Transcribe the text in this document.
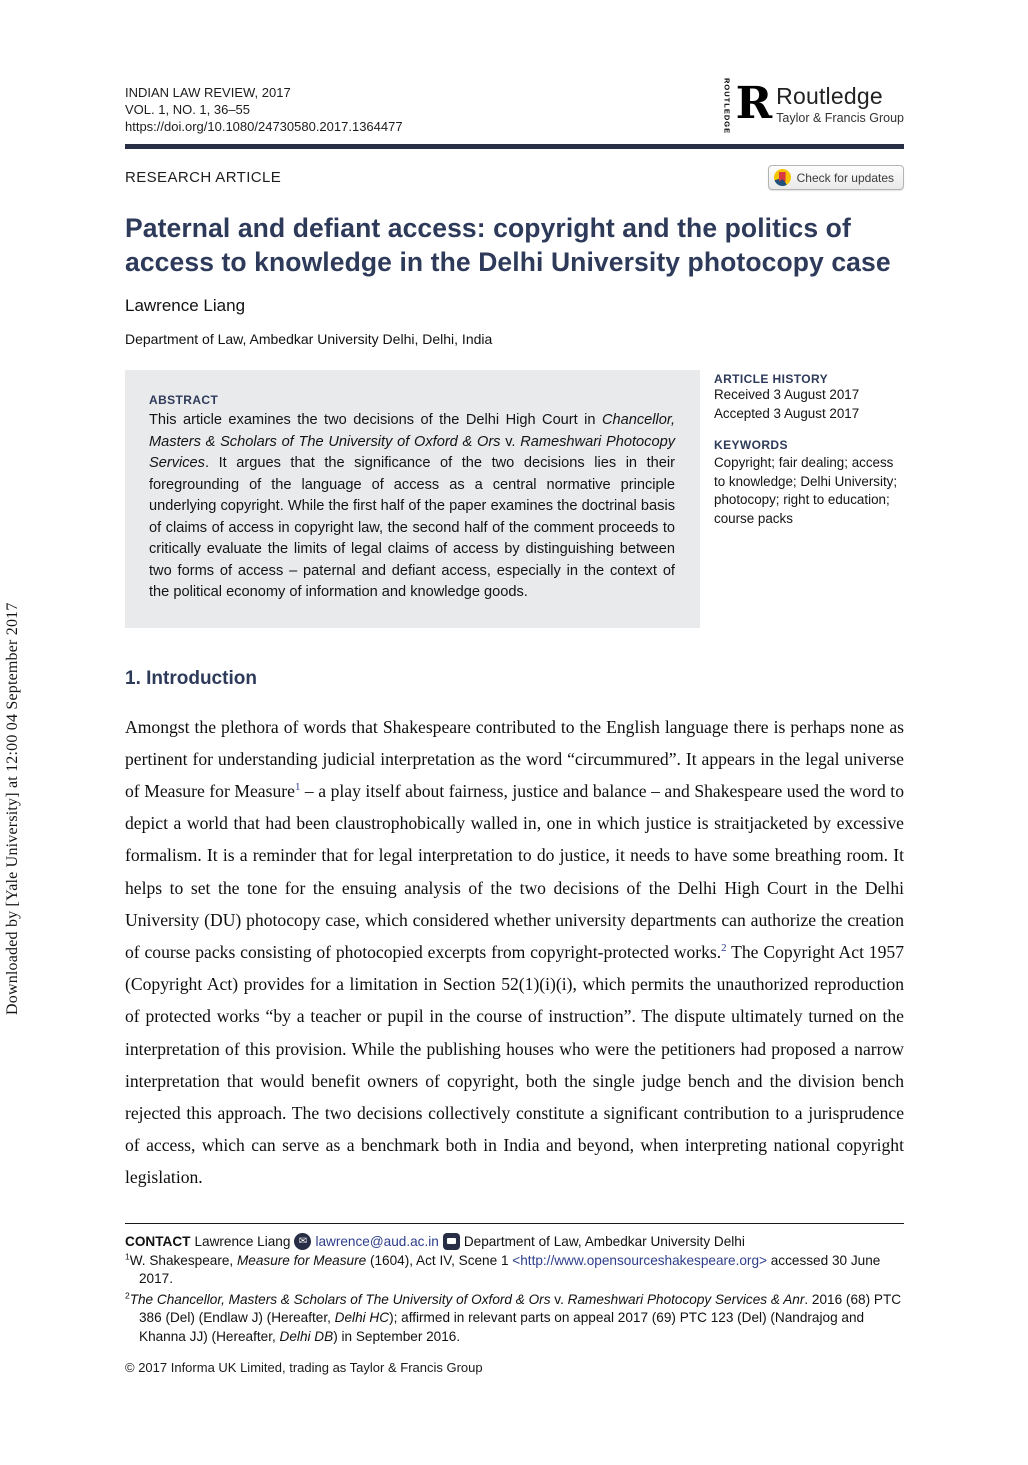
Downloaded by [Yale University] at 12:00 04 September 2017
INDIAN LAW REVIEW, 2017
VOL. 1, NO. 1, 36–55
https://doi.org/10.1080/24730580.2017.1364477	ROUTLEDGE R Routledge
Taylor & Francis Group
RESEARCH ARTICLE	Check for updates
Paternal and defiant access: copyright and the politics of access to knowledge in the Delhi University photocopy case
Lawrence Liang
Department of Law, Ambedkar University Delhi, Delhi, India
ABSTRACT
This article examines the two decisions of the Delhi High Court in Chancellor, Masters & Scholars of The University of Oxford & Ors v. Rameshwari Photocopy Services. It argues that the significance of the two decisions lies in their foregrounding of the language of access as a central normative principle underlying copyright. While the first half of the paper examines the doctrinal basis of claims of access in copyright law, the second half of the comment proceeds to critically evaluate the limits of legal claims of access by distinguishing between two forms of access – paternal and defiant access, especially in the context of the political economy of information and knowledge goods.
ARTICLE HISTORY
Received 3 August 2017
Accepted 3 August 2017
KEYWORDS
Copyright; fair dealing; access to knowledge; Delhi University; photocopy; right to education; course packs
1. Introduction

Amongst the plethora of words that Shakespeare contributed to the English language there is perhaps none as pertinent for understanding judicial interpretation as the word “circummured”. It appears in the legal universe of Measure for Measure$^1$ – a play itself about fairness, justice and balance – and Shakespeare used the word to depict a world that had been claustrophobically walled in, one in which justice is straitjacketed by excessive formalism. It is a reminder that for legal interpretation to do justice, it needs to have some breathing room. It helps to set the tone for the ensuing analysis of the two decisions of the Delhi High Court in the Delhi University (DU) photocopy case, which considered whether university departments can authorize the creation of course packs consisting of photocopied excerpts from copyright-protected works.$^2$ The Copyright Act 1957 (Copyright Act) provides for a limitation in Section 52(1)(i)(i), which permits the unauthorized reproduction of protected works “by a teacher or pupil in the course of instruction”. The dispute ultimately turned on the interpretation of this provision. While the publishing houses who were the petitioners had proposed a narrow interpretation that would benefit owners of copyright, both the single judge bench and the division bench rejected this approach. The two decisions collectively constitute a significant contribution to a jurisprudence of access, which can serve as a benchmark both in India and beyond, when interpreting national copyright legislation.

CONTACT Lawrence Liang ✉ lawrence@aud.ac.in Department of Law, Ambedkar University Delhi
$^1$W. Shakespeare, Measure for Measure (1604), Act IV, Scene 1 <http://www.opensourceshakespeare.org> accessed 30 June 2017.
$^2$The Chancellor, Masters & Scholars of The University of Oxford & Ors v. Rameshwari Photocopy Services & Anr. 2016 (68) PTC 386 (Del) (Endlaw J) (Hereafter, Delhi HC); affirmed in relevant parts on appeal 2017 (69) PTC 123 (Del) (Nandrajog and Khanna JJ) (Hereafter, Delhi DB) in September 2016.
© 2017 Informa UK Limited, trading as Taylor & Francis Group
